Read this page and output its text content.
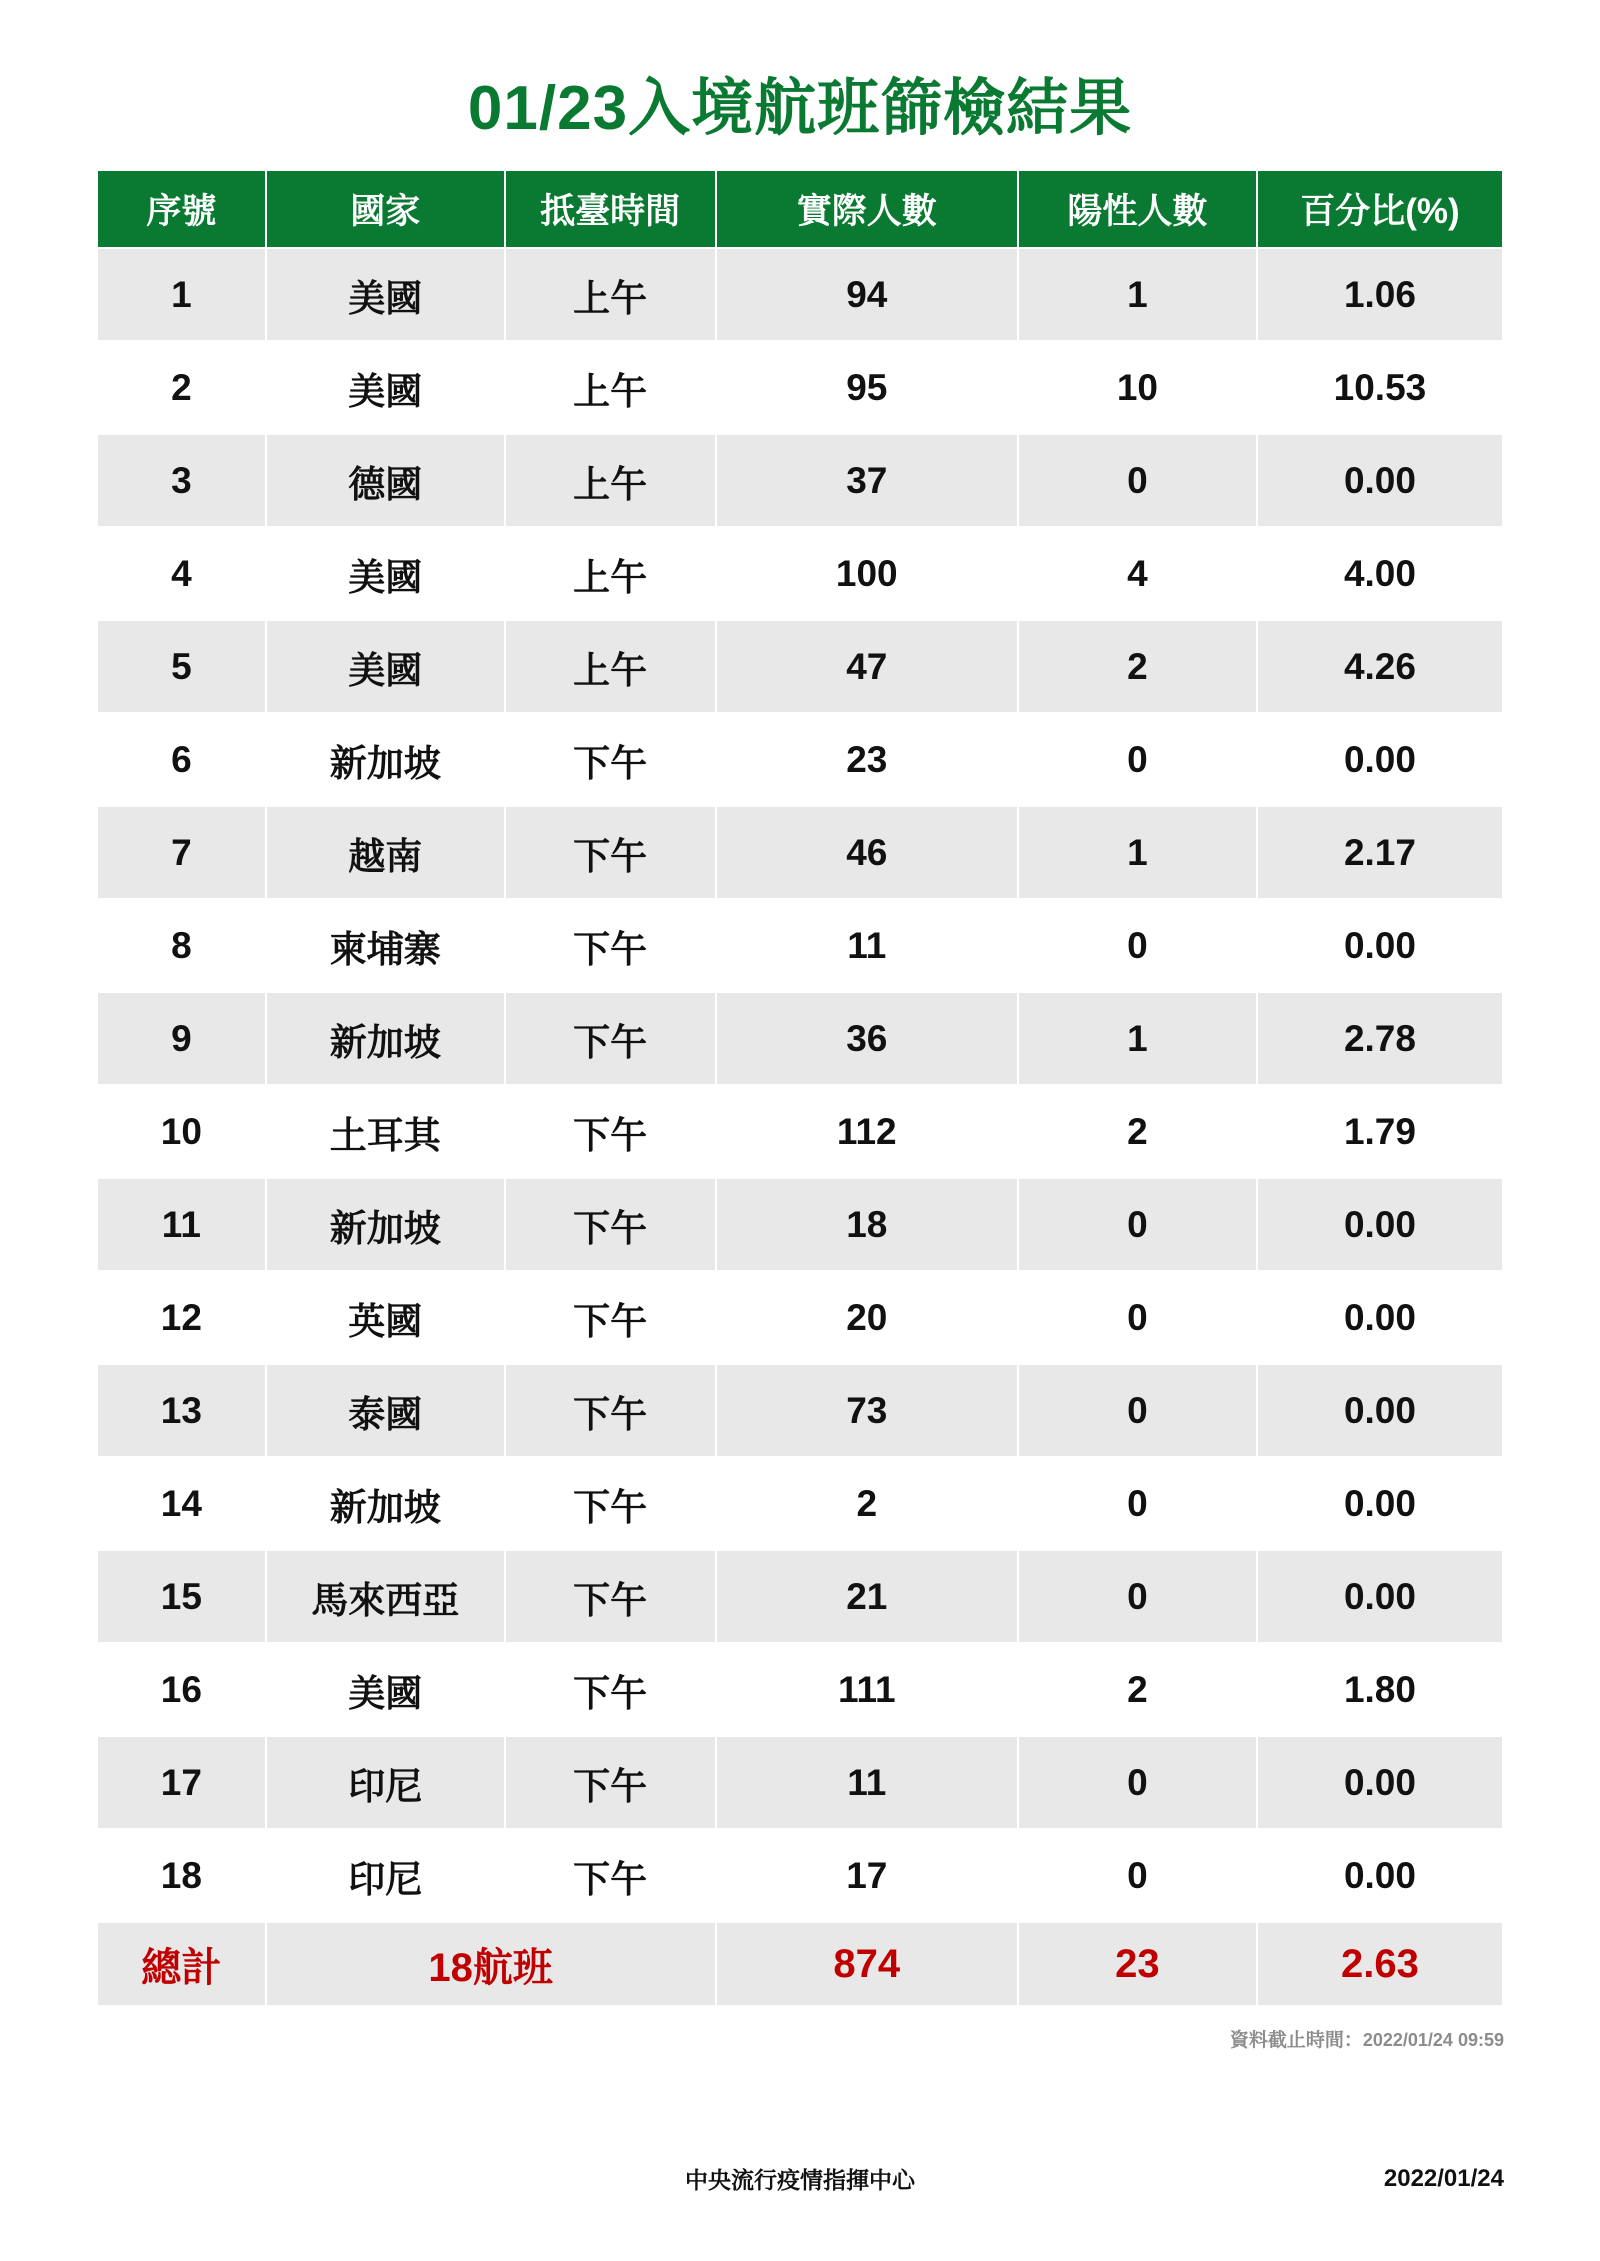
01/23入境航班篩檢結果
序號	國家	抵臺時間	實際人數	陽性人數	百分比(%)
1	美國	上午	94	1	1.06
2	美國	上午	95	10	10.53
3	德國	上午	37	0	0.00
4	美國	上午	100	4	4.00
5	美國	上午	47	2	4.26
6	新加坡	下午	23	0	0.00
7	越南	下午	46	1	2.17
8	柬埔寨	下午	11	0	0.00
9	新加坡	下午	36	1	2.78
10	土耳其	下午	112	2	1.79
11	新加坡	下午	18	0	0.00
12	英國	下午	20	0	0.00
13	泰國	下午	73	0	0.00
14	新加坡	下午	2	0	0.00
15	馬來西亞	下午	21	0	0.00
16	美國	下午	111	2	1.80
17	印尼	下午	11	0	0.00
18	印尼	下午	17	0	0.00
總計	18航班		874	23	2.63
資料截止時間：2022/01/24 09:59
中央流行疫情指揮中心	2022/01/24
